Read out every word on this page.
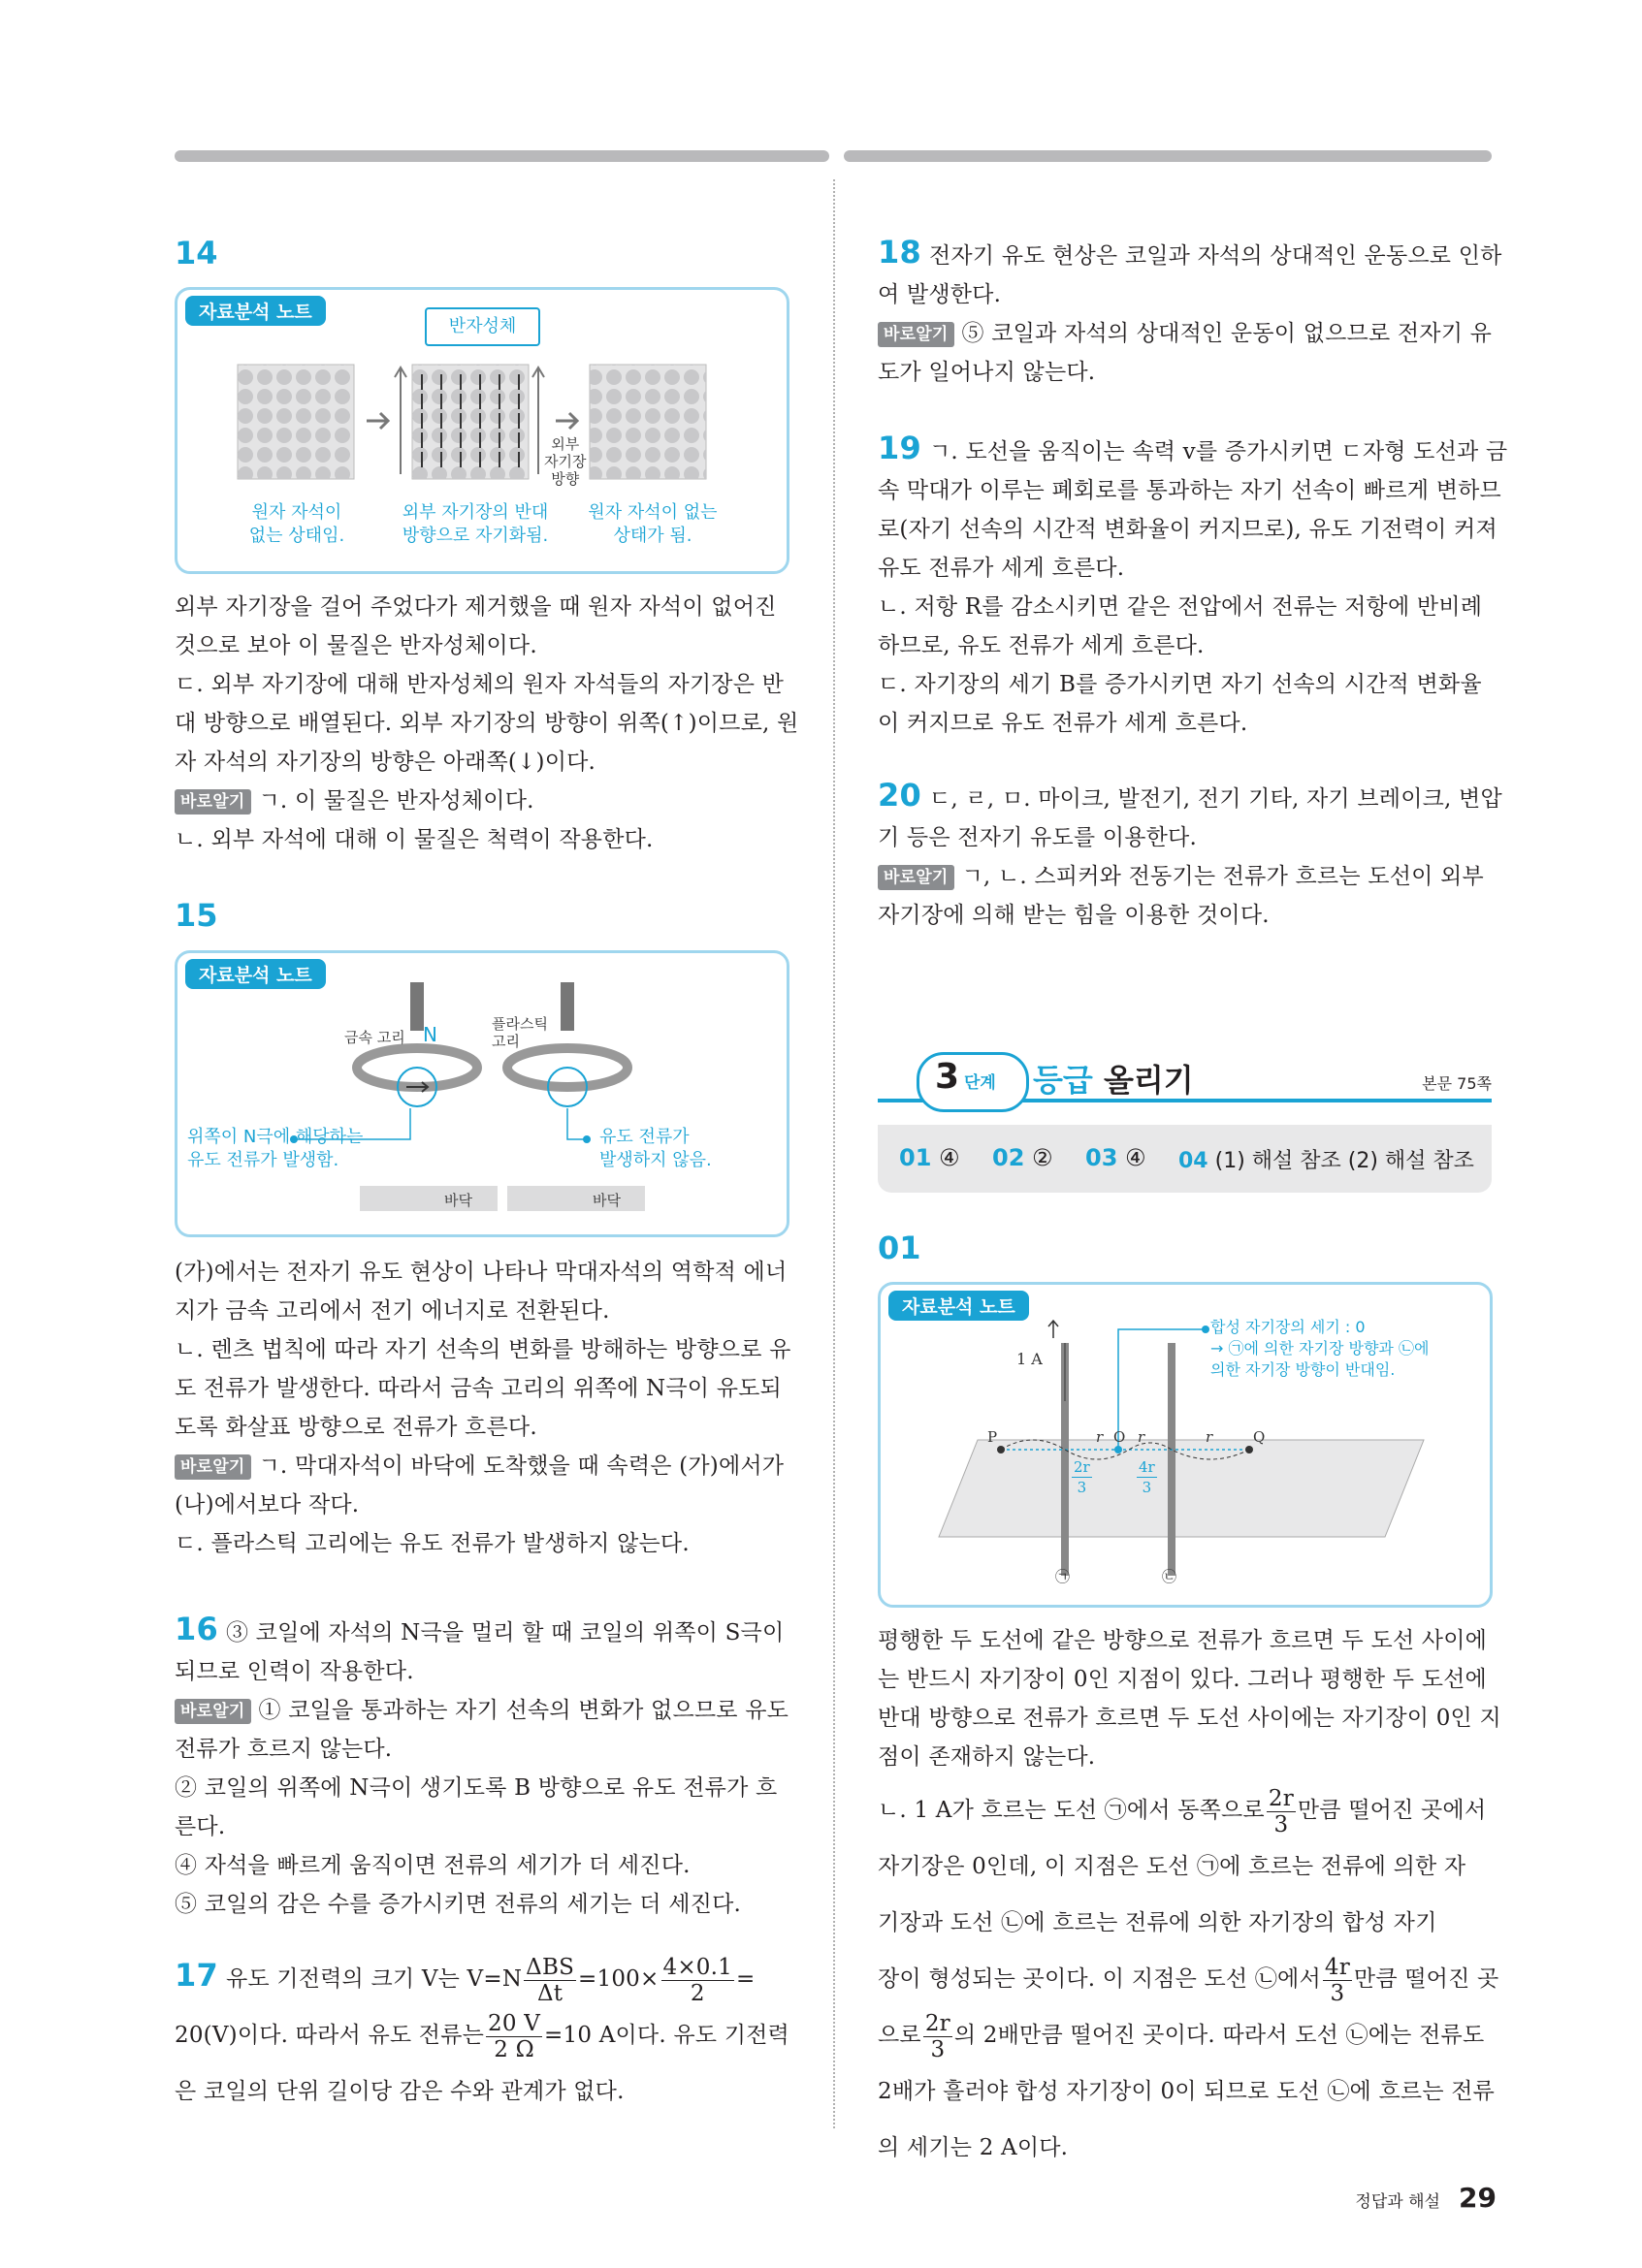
14
자료분석 노트
반자성체
외부
자기장
방향
원자 자석이
없는 상태임.
외부 자기장의 반대
방향으로 자기화됨.
원자 자석이 없는
상태가 됨.
외부 자기장을 걸어 주었다가 제거했을 때 원자 자석이 없어진
것으로 보아 이 물질은 반자성체이다.
ㄷ. 외부 자기장에 대해 반자성체의 원자 자석들의 자기장은 반
대 방향으로 배열된다. 외부 자기장의 방향이 위쪽(↑)이므로, 원
자 자석의 자기장의 방향은 아래쪽(↓)이다.
바로알기 ㄱ. 이 물질은 반자성체이다.
ㄴ. 외부 자석에 대해 이 물질은 척력이 작용한다.
15
자료분석 노트
금속 고리 N	플라스틱
고리
위쪽이 N극에 해당하는
유도 전류가 발생함.
유도 전류가
발생하지 않음.
바닥	바닥
(가)에서는 전자기 유도 현상이 나타나 막대자석의 역학적 에너
지가 금속 고리에서 전기 에너지로 전환된다.
ㄴ. 렌츠 법칙에 따라 자기 선속의 변화를 방해하는 방향으로 유
도 전류가 발생한다. 따라서 금속 고리의 위쪽에 N극이 유도되
도록 화살표 방향으로 전류가 흐른다.
바로알기 ㄱ. 막대자석이 바닥에 도착했을 때 속력은 (가)에서가
(나)에서보다 작다.
ㄷ. 플라스틱 고리에는 유도 전류가 발생하지 않는다.
16 ③ 코일에 자석의 N극을 멀리 할 때 코일의 위쪽이 S극이
되므로 인력이 작용한다.
바로알기 ① 코일을 통과하는 자기 선속의 변화가 없으므로 유도
전류가 흐르지 않는다.
② 코일의 위쪽에 N극이 생기도록 B 방향으로 유도 전류가 흐
른다.
④ 자석을 빠르게 움직이면 전류의 세기가 더 세진다.
⑤ 코일의 감은 수를 증가시키면 전류의 세기는 더 세진다.
17 유도 기전력의 크기 V는 $V=N \frac{\text{ΔBS}}{\Delta t} =100\times \frac{4\times 0.1}{2}$ =
20(V)이다. 따라서 유도 전류는 $\frac{20 V}{2 \Omega} =10$ A이다. 유도 기전력
은 코일의 단위 길이당 감은 수와 관계가 없다.
18 전자기 유도 현상은 코일과 자석의 상대적인 운동으로 인하
여 발생한다.
바로알기 ⑤ 코일과 자석의 상대적인 운동이 없으므로 전자기 유
도가 일어나지 않는다.
19 ㄱ. 도선을 움직이는 속력 v를 증가시키면 ㄷ자형 도선과 금
속 막대가 이루는 폐회로를 통과하는 자기 선속이 빠르게 변하므
로(자기 선속의 시간적 변화율이 커지므로), 유도 기전력이 커져
유도 전류가 세게 흐른다.
ㄴ. 저항 R를 감소시키면 같은 전압에서 전류는 저항에 반비례
하므로, 유도 전류가 세게 흐른다.
ㄷ. 자기장의 세기 B를 증가시키면 자기 선속의 시간적 변화율
이 커지므로 유도 전류가 세게 흐른다.
20 ㄷ, ㄹ, ㅁ. 마이크, 발전기, 전기 기타, 자기 브레이크, 변압
기 등은 전자기 유도를 이용한다.
바로알기 ㄱ, ㄴ. 스피커와 전동기는 전류가 흐르는 도선이 외부
자기장에 의해 받는 힘을 이용한 것이다.
3 단계 등급 올리기	본문 75쪽
01 ④ 02 ② 03 ④ 04 (1) 해설 참조 (2) 해설 참조
01
자료분석 노트
합성 자기장의 세기 : 0
→ ㉠에 의한 자기장 방향과 ㉡에
의한 자기장 방향이 반대임.
1 A
P	O	Q
r r	r
$\frac{2r}{3}$	$\frac{4r}{3}$
㉠	㉡
평행한 두 도선에 같은 방향으로 전류가 흐르면 두 도선 사이에
는 반드시 자기장이 0인 지점이 있다. 그러나 평행한 두 도선에
반대 방향으로 전류가 흐르면 두 도선 사이에는 자기장이 0인 지
점이 존재하지 않는다.
ㄴ. 1 A가 흐르는 도선 ㉠에서 동쪽으로 $\frac{2r}{3}$ 만큼 떨어진 곳에서
자기장은 0인데, 이 지점은 도선 ㉠에 흐르는 전류에 의한 자
기장과 도선 ㉡에 흐르는 전류에 의한 자기장의 합성 자기
장이 형성되는 곳이다. 이 지점은 도선 ㉡에서 $\frac{4r}{3}$ 만큼 떨어진 곳
으로 $\frac{2r}{3}$ 의 2배만큼 떨어진 곳이다. 따라서 도선 ㉡에는 전류도
2배가 흘러야 합성 자기장이 0이 되므로 도선 ㉡에 흐르는 전류
의 세기는 2 A이다.
정답과 해설 29
